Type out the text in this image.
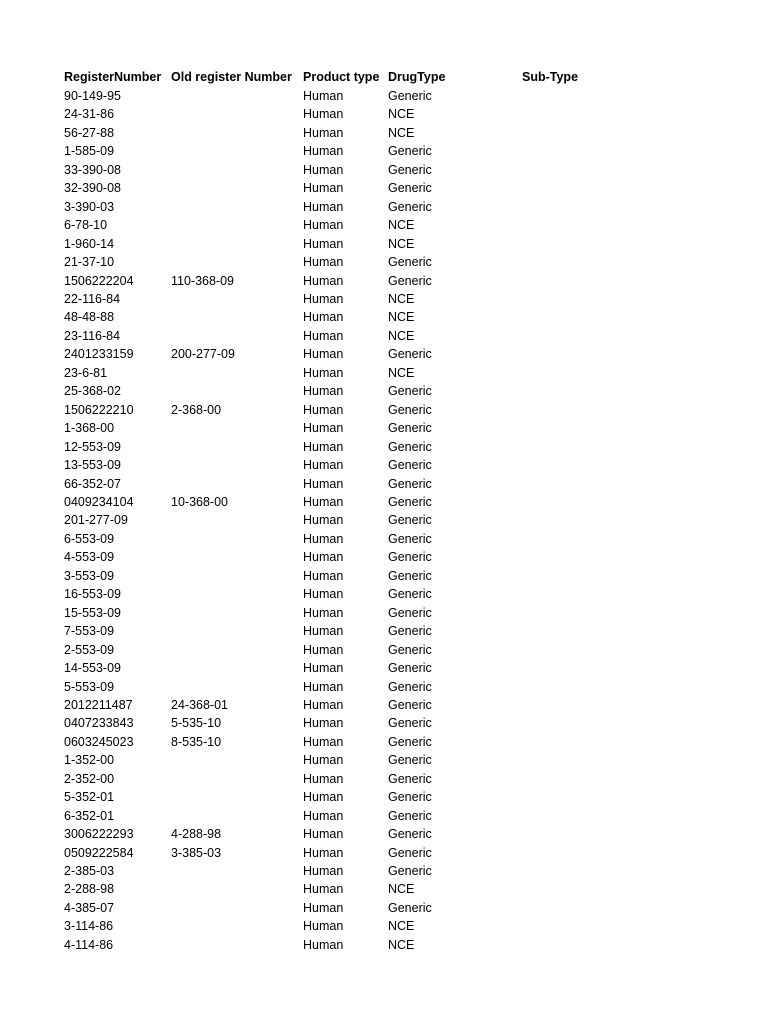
RegisterNumber	Old register Number	Product type	DrugType	Sub-Type
90-149-95		Human	Generic	
24-31-86		Human	NCE	
56-27-88		Human	NCE	
1-585-09		Human	Generic	
33-390-08		Human	Generic	
32-390-08		Human	Generic	
3-390-03		Human	Generic	
6-78-10		Human	NCE	
1-960-14		Human	NCE	
21-37-10		Human	Generic	
1506222204	110-368-09	Human	Generic	
22-116-84		Human	NCE	
48-48-88		Human	NCE	
23-116-84		Human	NCE	
2401233159	200-277-09	Human	Generic	
23-6-81		Human	NCE	
25-368-02		Human	Generic	
1506222210	2-368-00	Human	Generic	
1-368-00		Human	Generic	
12-553-09		Human	Generic	
13-553-09		Human	Generic	
66-352-07		Human	Generic	
0409234104	10-368-00	Human	Generic	
201-277-09		Human	Generic	
6-553-09		Human	Generic	
4-553-09		Human	Generic	
3-553-09		Human	Generic	
16-553-09		Human	Generic	
15-553-09		Human	Generic	
7-553-09		Human	Generic	
2-553-09		Human	Generic	
14-553-09		Human	Generic	
5-553-09		Human	Generic	
2012211487	24-368-01	Human	Generic	
0407233843	5-535-10	Human	Generic	
0603245023	8-535-10	Human	Generic	
1-352-00		Human	Generic	
2-352-00		Human	Generic	
5-352-01		Human	Generic	
6-352-01		Human	Generic	
3006222293	4-288-98	Human	Generic	
0509222584	3-385-03	Human	Generic	
2-385-03		Human	Generic	
2-288-98		Human	NCE	
4-385-07		Human	Generic	
3-114-86		Human	NCE	
4-114-86		Human	NCE	
